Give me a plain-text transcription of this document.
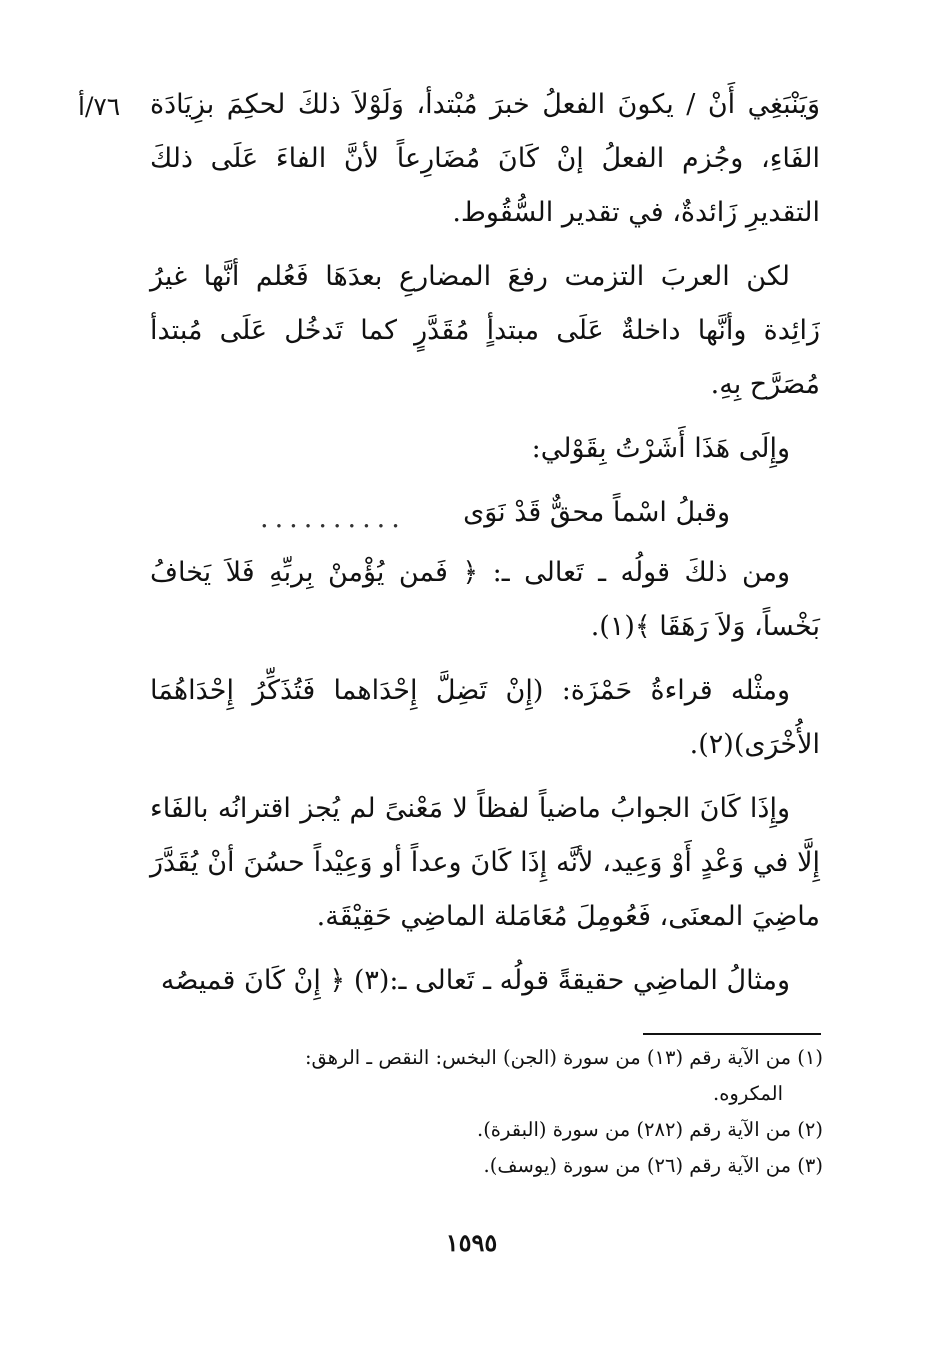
٧٦/أ وَيَنْبَغِي أَنْ / يكونَ الفعلُ خبرَ مُبْتدأ، وَلَوْلاَ ذلكَ لحكِمَ بزِيَادَة الفَاءِ، وجُزم الفعلُ إنْ كَانَ مُضَارِعاً لأنَّ الفاءَ عَلَى ذلكَ التقديرِ زَائدةٌ، في تقدير السُّقُوط.

لكن العربَ التزمت رفعَ المضارعِ بعدَهَا فَعُلم أنَّها غيرُ زَائِدة وأنَّها داخلةٌ عَلَى مبتدأٍ مُقَدَّرٍ كما تَدخُل عَلَى مُبتدأ مُصَرَّح بِهِ.

وإِلَى هَذَا أَشَرْتُ بِقَوْلي:

وقبلُ اسْماً محقٌّ قَدْ نَوَى
..........

ومن ذلكَ قولُه ـ تَعالى ـ: ﴿ فَمن يُؤْمنْ بِربِّهِ فَلاَ يَخافُ بَخْساً، وَلاَ رَهَقَا ﴾(١).

ومثْله قراءةُ حَمْزَة: (إِنْ تَضِلَّ إِحْدَاهما فَتُذَكِّرُ إِحْدَاهُمَا الأُخْرَى)(٢).

وإِذَا كَانَ الجوابُ ماضياً لفظاً لا مَعْنىً لم يُجز اقترانُه بالفَاء إِلَّا في وَعْدٍ أَوْ وَعِيد، لأنَّه إِذَا كَانَ وعداً أو وَعِيْداً حسُنَ أنْ يُقَدَّرَ ماضِيَ المعنَى، فَعُومِلَ مُعَامَلة الماضِي حَقِيْقَة.

ومثالُ الماضِي حقيقةً قولُه ـ تَعالى ـ:(٣) ﴿ إِنْ كَانَ قميصُه

(١) من الآية رقم (١٣) من سورة (الجن) البخس: النقص ـ الرهق:
المكروه.

(٢) من الآية رقم (٢٨٢) من سورة (البقرة).

(٣) من الآية رقم (٢٦) من سورة (يوسف).

١٥٩٥
